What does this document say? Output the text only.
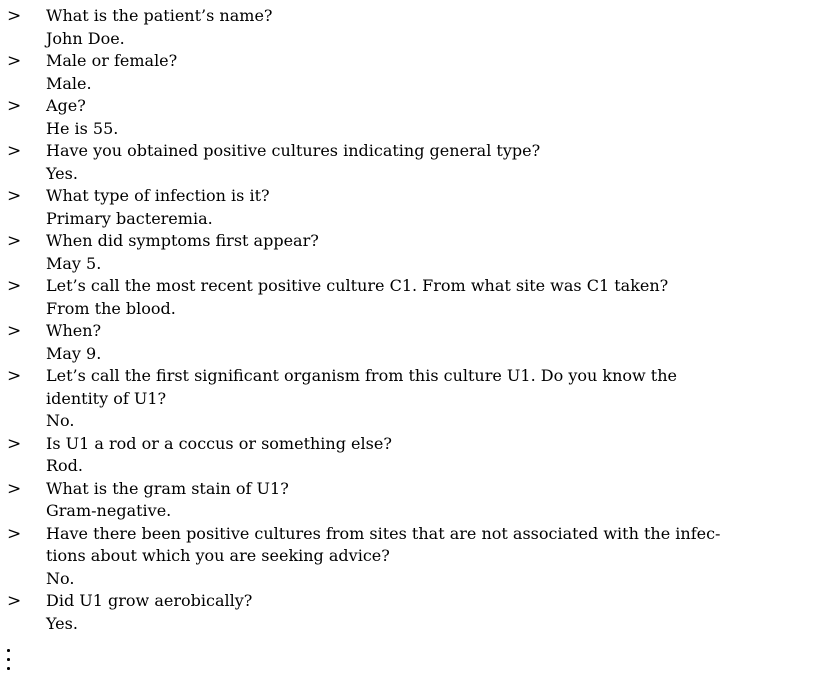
> What is the patient’s name?
John Doe.
> Male or female?
Male.
> Age?
He is 55.
> Have you obtained positive cultures indicating general type?
Yes.
> What type of infection is it?
Primary bacteremia.
> When did symptoms first appear?
May 5.
> Let’s call the most recent positive culture C1. From what site was C1 taken?
From the blood.
> When?
May 9.
> Let’s call the first significant organism from this culture U1. Do you know the
identity of U1?
No.
> Is U1 a rod or a coccus or something else?
Rod.
> What is the gram stain of U1?
Gram-negative.
> Have there been positive cultures from sites that are not associated with the infec-
tions about which you are seeking advice?
No.
> Did U1 grow aerobically?
Yes.
